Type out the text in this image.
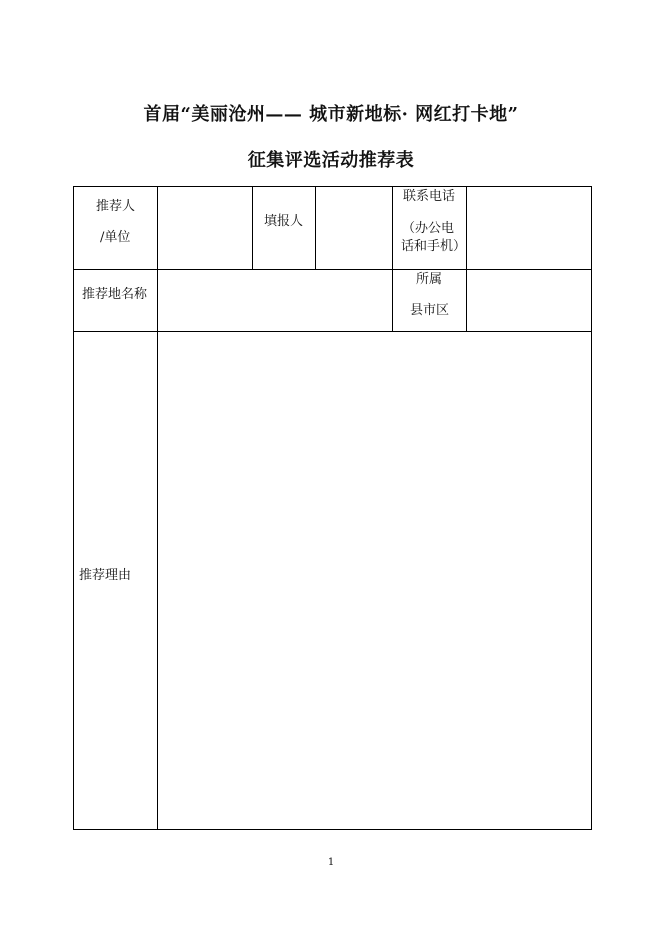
首届“美丽沧州—— 城市新地标· 网红打卡地”
征集评选活动推荐表
推荐人
/单位
填报人
联系电话
（办公电
话和手机）
推荐地名称
所属
县市区
推荐理由
1
